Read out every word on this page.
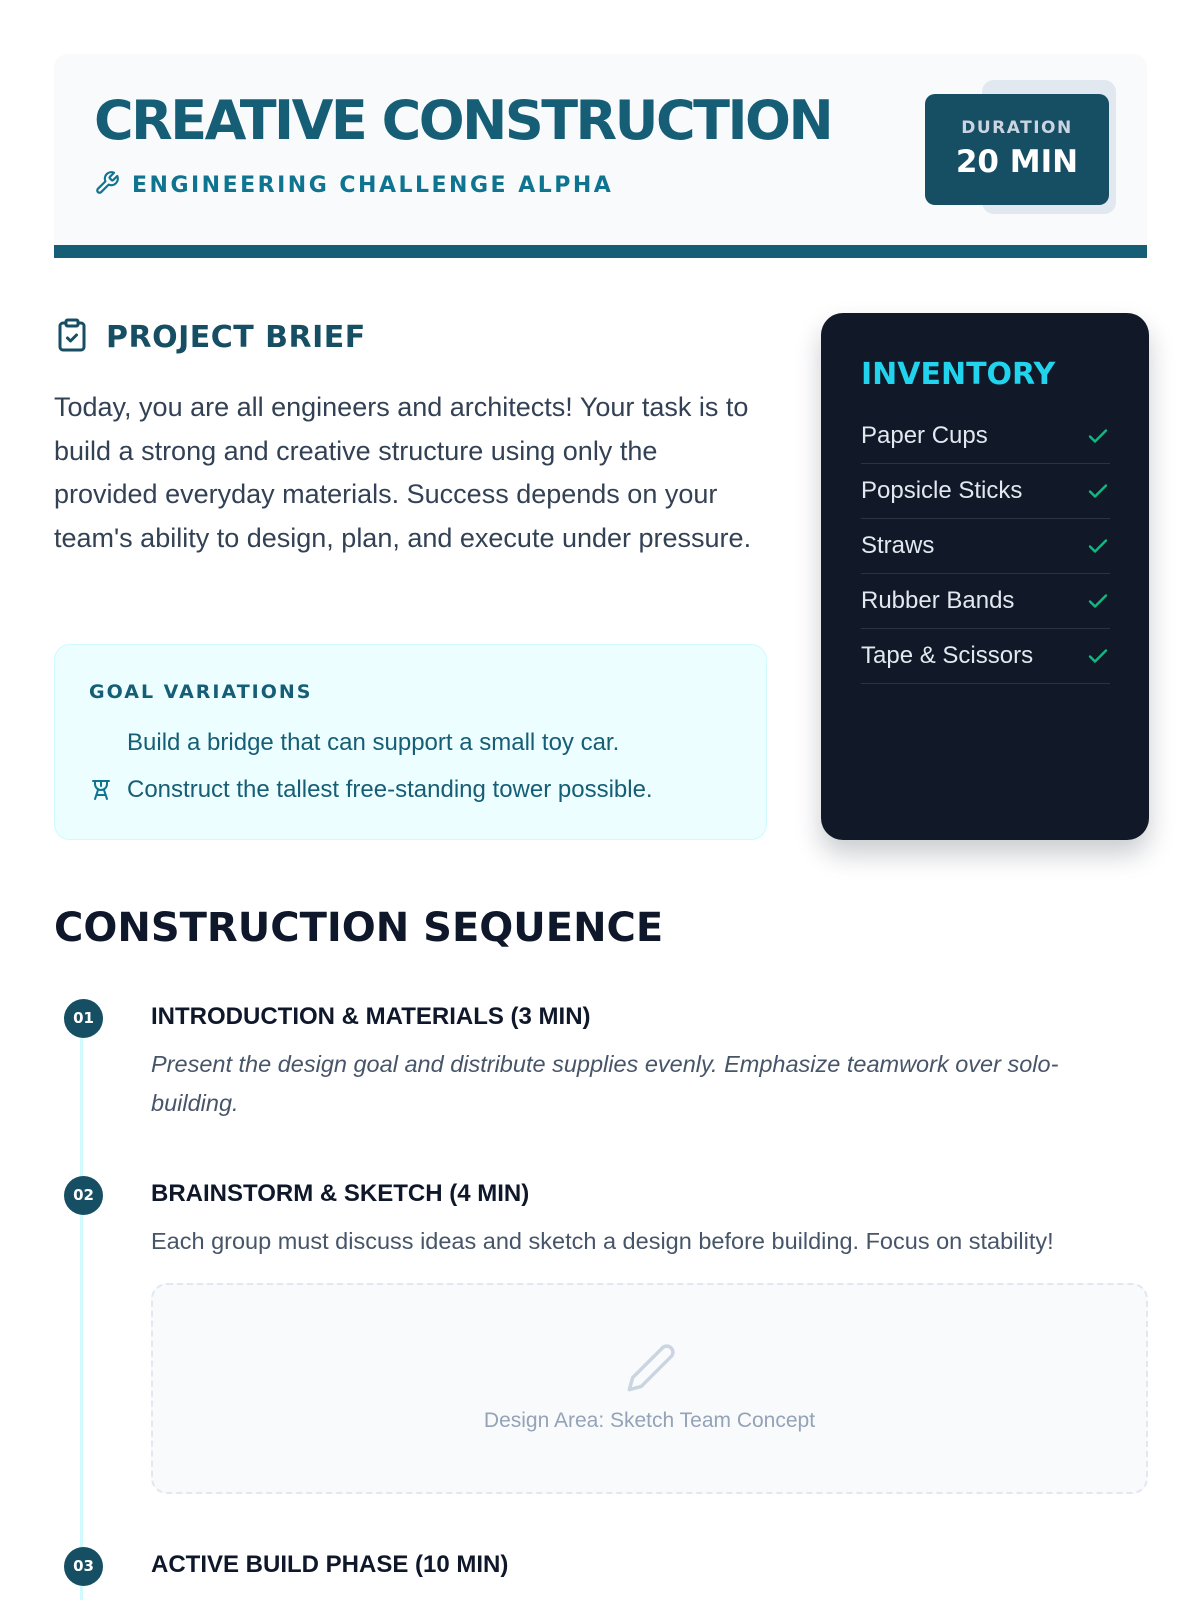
CREATIVE CONSTRUCTION
ENGINEERING CHALLENGE ALPHA
DURATION
20 MIN
PROJECT BRIEF

Today, you are all engineers and architects! Your task is to build a strong and creative structure using only the provided everyday materials. Success depends on your team's ability to design, plan, and execute under pressure.

GOAL VARIATIONS
Build a bridge that can support a small toy car.
Construct the tallest free-standing tower possible.
INVENTORY
Paper Cups
Popsicle Sticks
Straws
Rubber Bands
Tape & Scissors
CONSTRUCTION SEQUENCE
01	INTRODUCTION & MATERIALS (3 MIN)
Present the design goal and distribute supplies evenly. Emphasize teamwork over solo-building.
02	BRAINSTORM & SKETCH (4 MIN)
Each group must discuss ideas and sketch a design before building. Focus on stability!
Design Area: Sketch Team Concept
03	ACTIVE BUILD PHASE (10 MIN)
